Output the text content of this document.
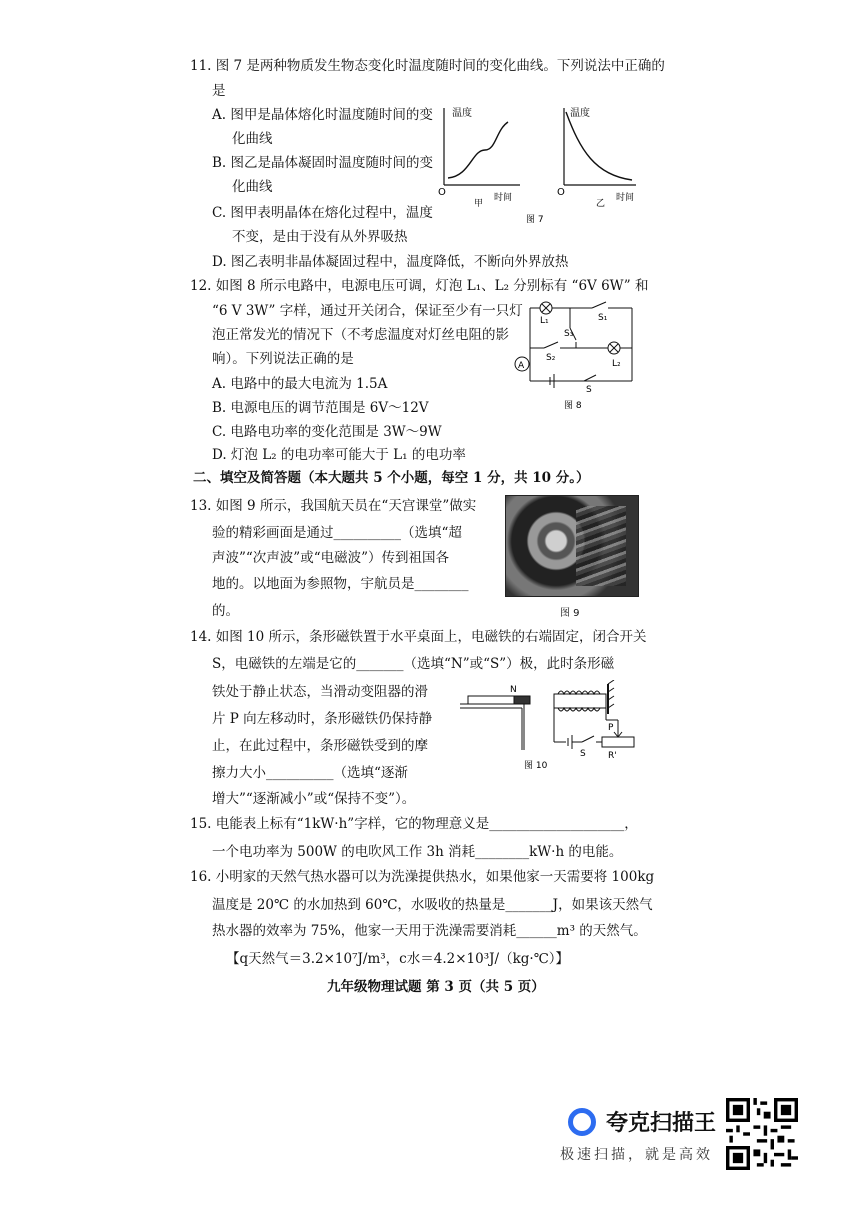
11. 图 7 是两种物质发生物态变化时温度随时间的变化曲线。下列说法中正确的
是
A. 图甲是晶体熔化时温度随时间的变
化曲线
B. 图乙是晶体凝固时温度随时间的变
化曲线
C. 图甲表明晶体在熔化过程中，温度
不变，是由于没有从外界吸热
D. 图乙表明非晶体凝固过程中，温度降低，不断向外界放热
温度
O	时间
甲
温度
O	时间
乙
图 7
12. 如图 8 所示电路中，电源电压可调，灯泡 L₁、L₂ 分别标有 “6V 6W” 和
“6 V 3W” 字样，通过开关闭合，保证至少有一只灯
泡正常发光的情况下（不考虑温度对灯丝电阻的影
响）。下列说法正确的是
A. 电路中的最大电流为 1.5A
B. 电源电压的调节范围是 6V～12V
C. 电路电功率的变化范围是 3W～9W
D. 灯泡 L₂ 的电功率可能大于 L₁ 的电功率
A
L₁	S₁
S₃
S₂
L₂
S
图 8
二、填空及简答题（本大题共 5 个小题，每空 1 分，共 10 分。）
13. 如图 9 所示，我国航天员在“天宫课堂”做实
验的精彩画面是通过__________（选填“超
声波”“次声波”或“电磁波”）传到祖国各
地的。以地面为参照物，宇航员是________
的。	图 9
14. 如图 10 所示，条形磁铁置于水平桌面上，电磁铁的右端固定，闭合开关
S，电磁铁的左端是它的_______（选填“N”或“S”）极，此时条形磁
铁处于静止状态，当滑动变阻器的滑
片 P 向左移动时，条形磁铁仍保持静
止，在此过程中，条形磁铁受到的摩
擦力大小__________（选填“逐渐
增大”“逐渐减小”或“保持不变”）。
N
P
S R'
图 10
15. 电能表上标有“1kW·h”字样，它的物理意义是____________________，
一个电功率为 500W 的电吹风工作 3h 消耗________kW·h 的电能。
16. 小明家的天然气热水器可以为洗澡提供热水，如果他家一天需要将 100kg
温度是 20℃ 的水加热到 60℃，水吸收的热量是_______J，如果该天然气
热水器的效率为 75%，他家一天用于洗澡需要消耗______m³ 的天然气。
【q天然气＝3.2×10⁷J/m³，c水＝4.2×10³J/（kg·℃）】
九年级物理试题 第 3 页（共 5 页）
夸克扫描王
极速扫描，就是高效
